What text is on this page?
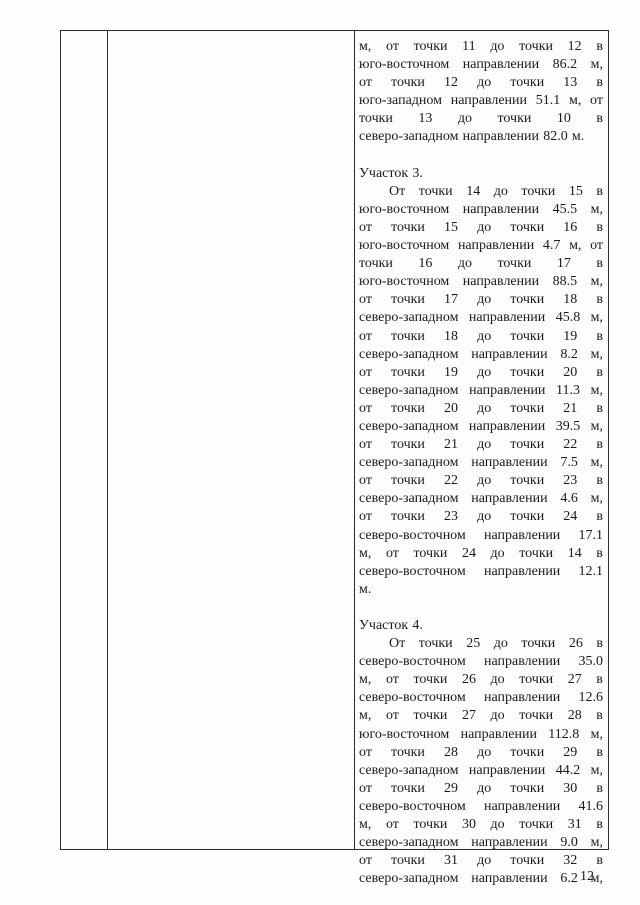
м, от точки 11 до точки 12 в
юго-восточном направлении 86.2 м,
от точки 12 до точки 13 в
юго-западном направлении 51.1 м, от
точки 13 до точки 10 в
северо-западном направлении 82.0 м.
Участок 3.
От точки 14 до точки 15 в
юго-восточном направлении 45.5 м,
от точки 15 до точки 16 в
юго-восточном направлении 4.7 м, от
точки 16 до точки 17 в
юго-восточном направлении 88.5 м,
от точки 17 до точки 18 в
северо-западном направлении 45.8 м,
от точки 18 до точки 19 в
северо-западном направлении 8.2 м,
от точки 19 до точки 20 в
северо-западном направлении 11.3 м,
от точки 20 до точки 21 в
северо-западном направлении 39.5 м,
от точки 21 до точки 22 в
северо-западном направлении 7.5 м,
от точки 22 до точки 23 в
северо-западном направлении 4.6 м,
от точки 23 до точки 24 в
северо-восточном направлении 17.1
м, от точки 24 до точки 14 в
северо-восточном направлении 12.1
м.
Участок 4.
От точки 25 до точки 26 в
северо-восточном направлении 35.0
м, от точки 26 до точки 27 в
северо-восточном направлении 12.6
м, от точки 27 до точки 28 в
юго-восточном направлении 112.8 м,
от точки 28 до точки 29 в
северо-западном направлении 44.2 м,
от точки 29 до точки 30 в
северо-восточном направлении 41.6
м, от точки 30 до точки 31 в
северо-западном направлении 9.0 м,
от точки 31 до точки 32 в
северо-западном направлении 6.2 м,
12
